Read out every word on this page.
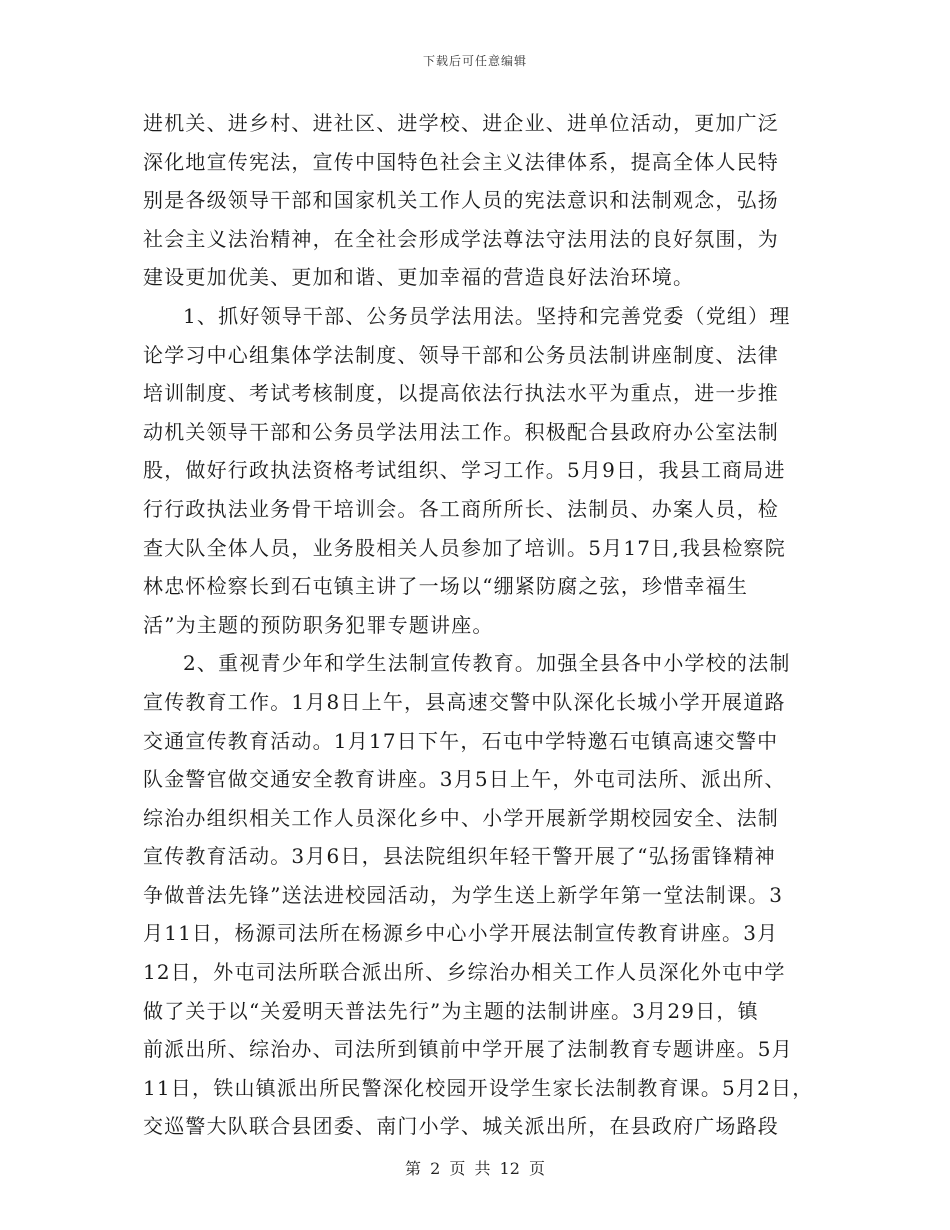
下载后可任意编辑
进机关、进乡村、进社区、进学校、进企业、进单位活动，更加广泛
深化地宣传宪法，宣传中国特色社会主义法律体系，提高全体人民特
别是各级领导干部和国家机关工作人员的宪法意识和法制观念，弘扬
社会主义法治精神，在全社会形成学法尊法守法用法的良好氛围，为
建设更加优美、更加和谐、更加幸福的营造良好法治环境。
1、抓好领导干部、公务员学法用法。坚持和完善党委（党组）理
论学习中心组集体学法制度、领导干部和公务员法制讲座制度、法律
培训制度、考试考核制度，以提高依法行执法水平为重点，进一步推
动机关领导干部和公务员学法用法工作。积极配合县政府办公室法制
股，做好行政执法资格考试组织、学习工作。5月9日，我县工商局进
行行政执法业务骨干培训会。各工商所所长、法制员、办案人员，检
查大队全体人员，业务股相关人员参加了培训。5月17日,我县检察院
林忠怀检察长到石屯镇主讲了一场以“绷紧防腐之弦，珍惜幸福生
活”为主题的预防职务犯罪专题讲座。
2、重视青少年和学生法制宣传教育。加强全县各中小学校的法制
宣传教育工作。1月8日上午，县高速交警中队深化长城小学开展道路
交通宣传教育活动。1月17日下午，石屯中学特邀石屯镇高速交警中
队金警官做交通安全教育讲座。3月5日上午，外屯司法所、派出所、
综治办组织相关工作人员深化乡中、小学开展新学期校园安全、法制
宣传教育活动。3月6日，县法院组织年轻干警开展了“弘扬雷锋精神
争做普法先锋”送法进校园活动，为学生送上新学年第一堂法制课。3
月11日，杨源司法所在杨源乡中心小学开展法制宣传教育讲座。3月
12日，外屯司法所联合派出所、乡综治办相关工作人员深化外屯中学
做了关于以“关爱明天普法先行”为主题的法制讲座。3月29日，镇
前派出所、综治办、司法所到镇前中学开展了法制教育专题讲座。5月
11日，铁山镇派出所民警深化校园开设学生家长法制教育课。5月2日，
交巡警大队联合县团委、南门小学、城关派出所，在县政府广场路段
第 2 页 共 12 页
